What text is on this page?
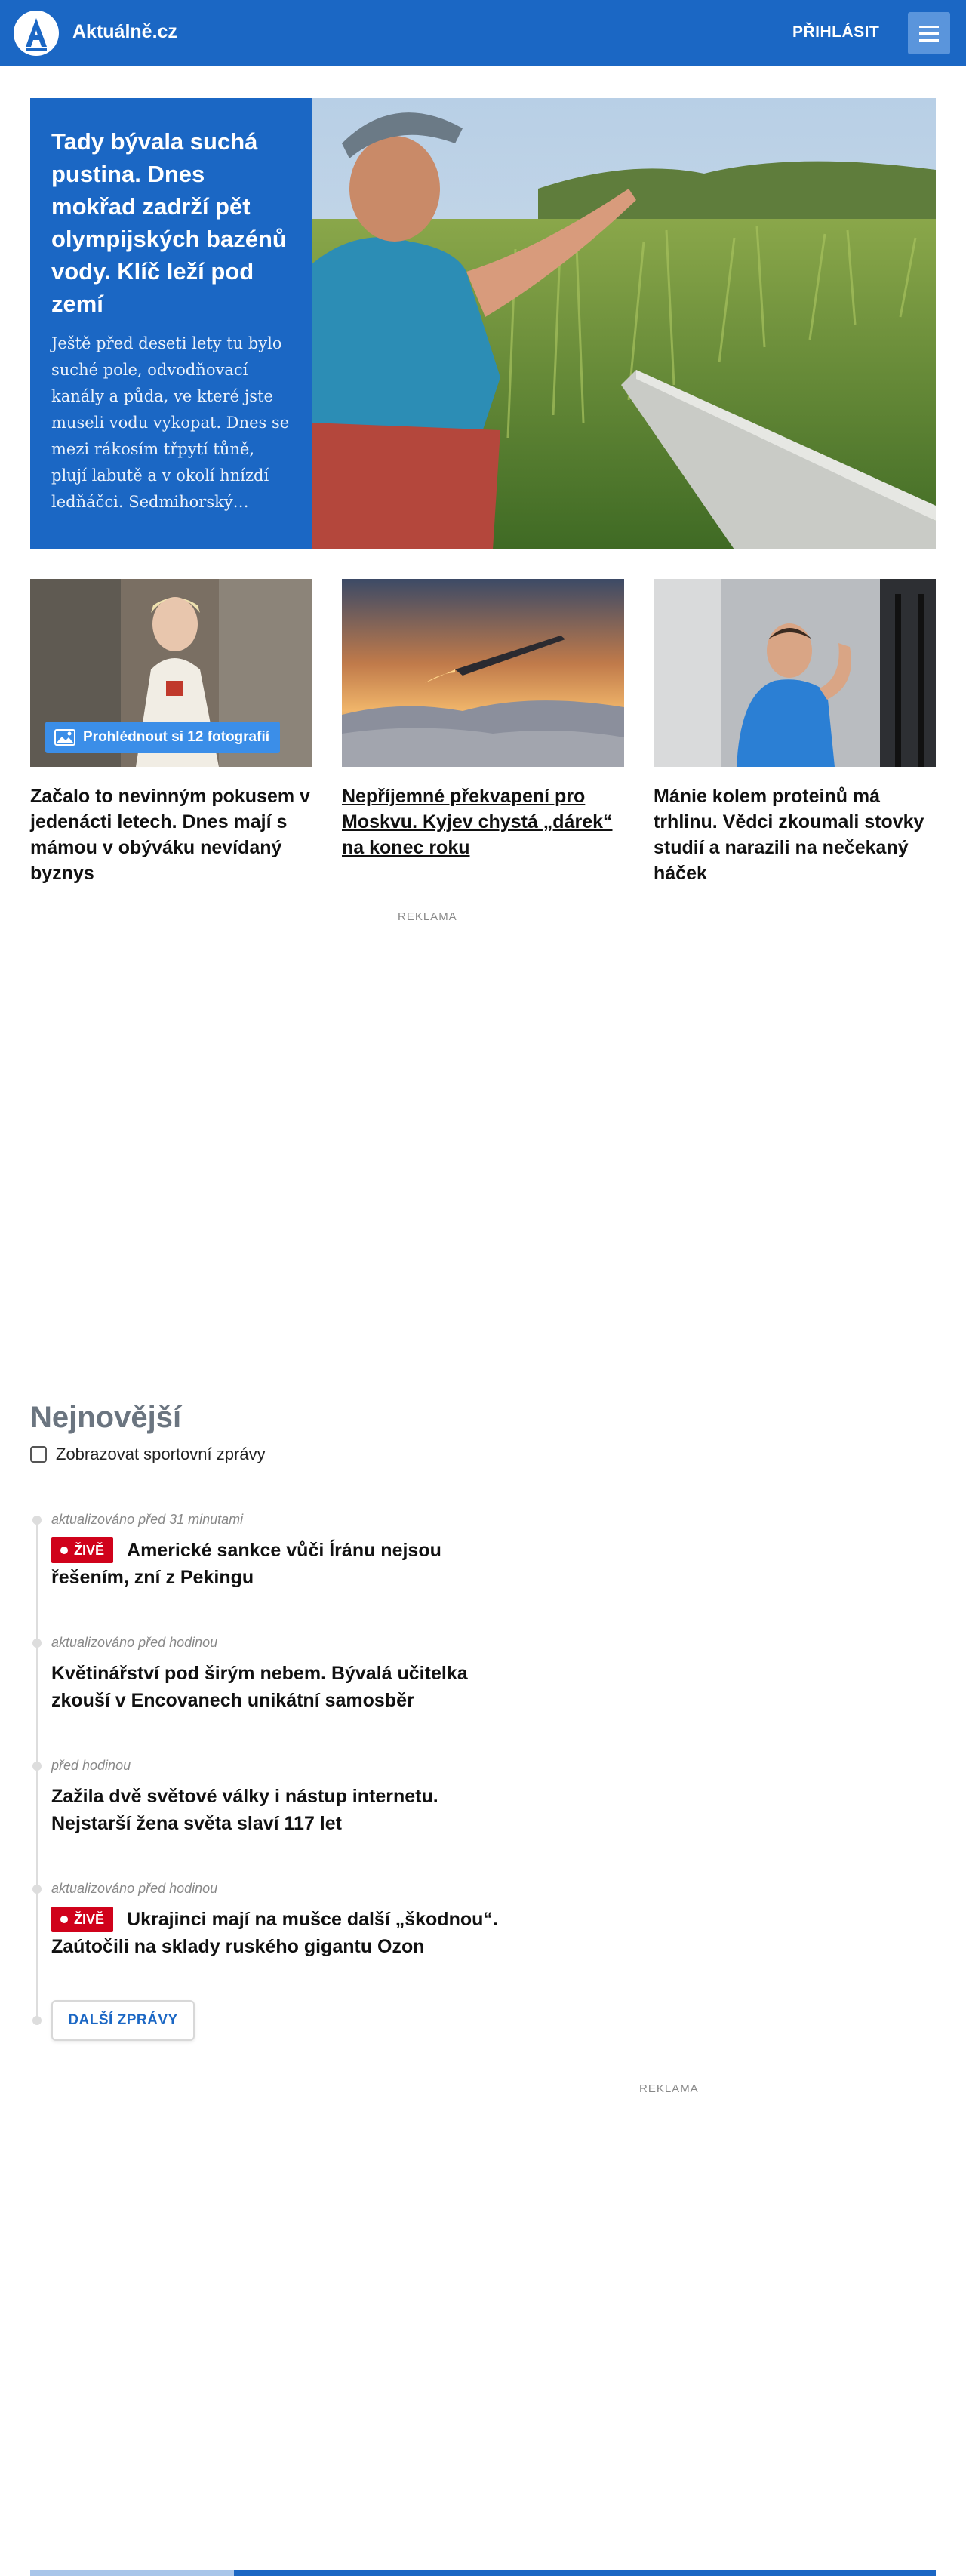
Aktuálně.cz	PŘIHLÁSIT
Tady bývala suchá pustina. Dnes mokřad zadrží pět olympijských bazénů vody. Klíč leží pod zemí
Ještě před deseti lety tu bylo suché pole, odvodňovací kanály a půda, ve které jste museli vodu vykopat. Dnes se mezi rákosím třpytí tůně, plují labutě a v okolí hnízdí ledňáčci. Sedmihorský…
Prohlédnout si 12 fotografií
Začalo to nevinným pokusem v jedenácti letech. Dnes mají s mámou v obýváku nevídaný byznys
Nepříjemné překvapení pro Moskvu. Kyjev chystá „dárek“ na konec roku
Mánie kolem proteinů má trhlinu. Vědci zkoumali stovky studií a narazili na nečekaný háček
REKLAMA
Nejnovější
Zobrazovat sportovní zprávy
aktualizováno před 31 minutami
ŽIVĚ Americké sankce vůči Íránu nejsou řešením, zní z Pekingu
aktualizováno před hodinou
Květinářství pod širým nebem. Bývalá učitelka zkouší v Encovanech unikátní samosběr
před hodinou
Zažila dvě světové války i nástup internetu. Nejstarší žena světa slaví 117 let
aktualizováno před hodinou
ŽIVĚ Ukrajinci mají na mušce další „škodnou“. Zaútočili na sklady ruského gigantu Ozon
DALŠÍ ZPRÁVY
REKLAMA
